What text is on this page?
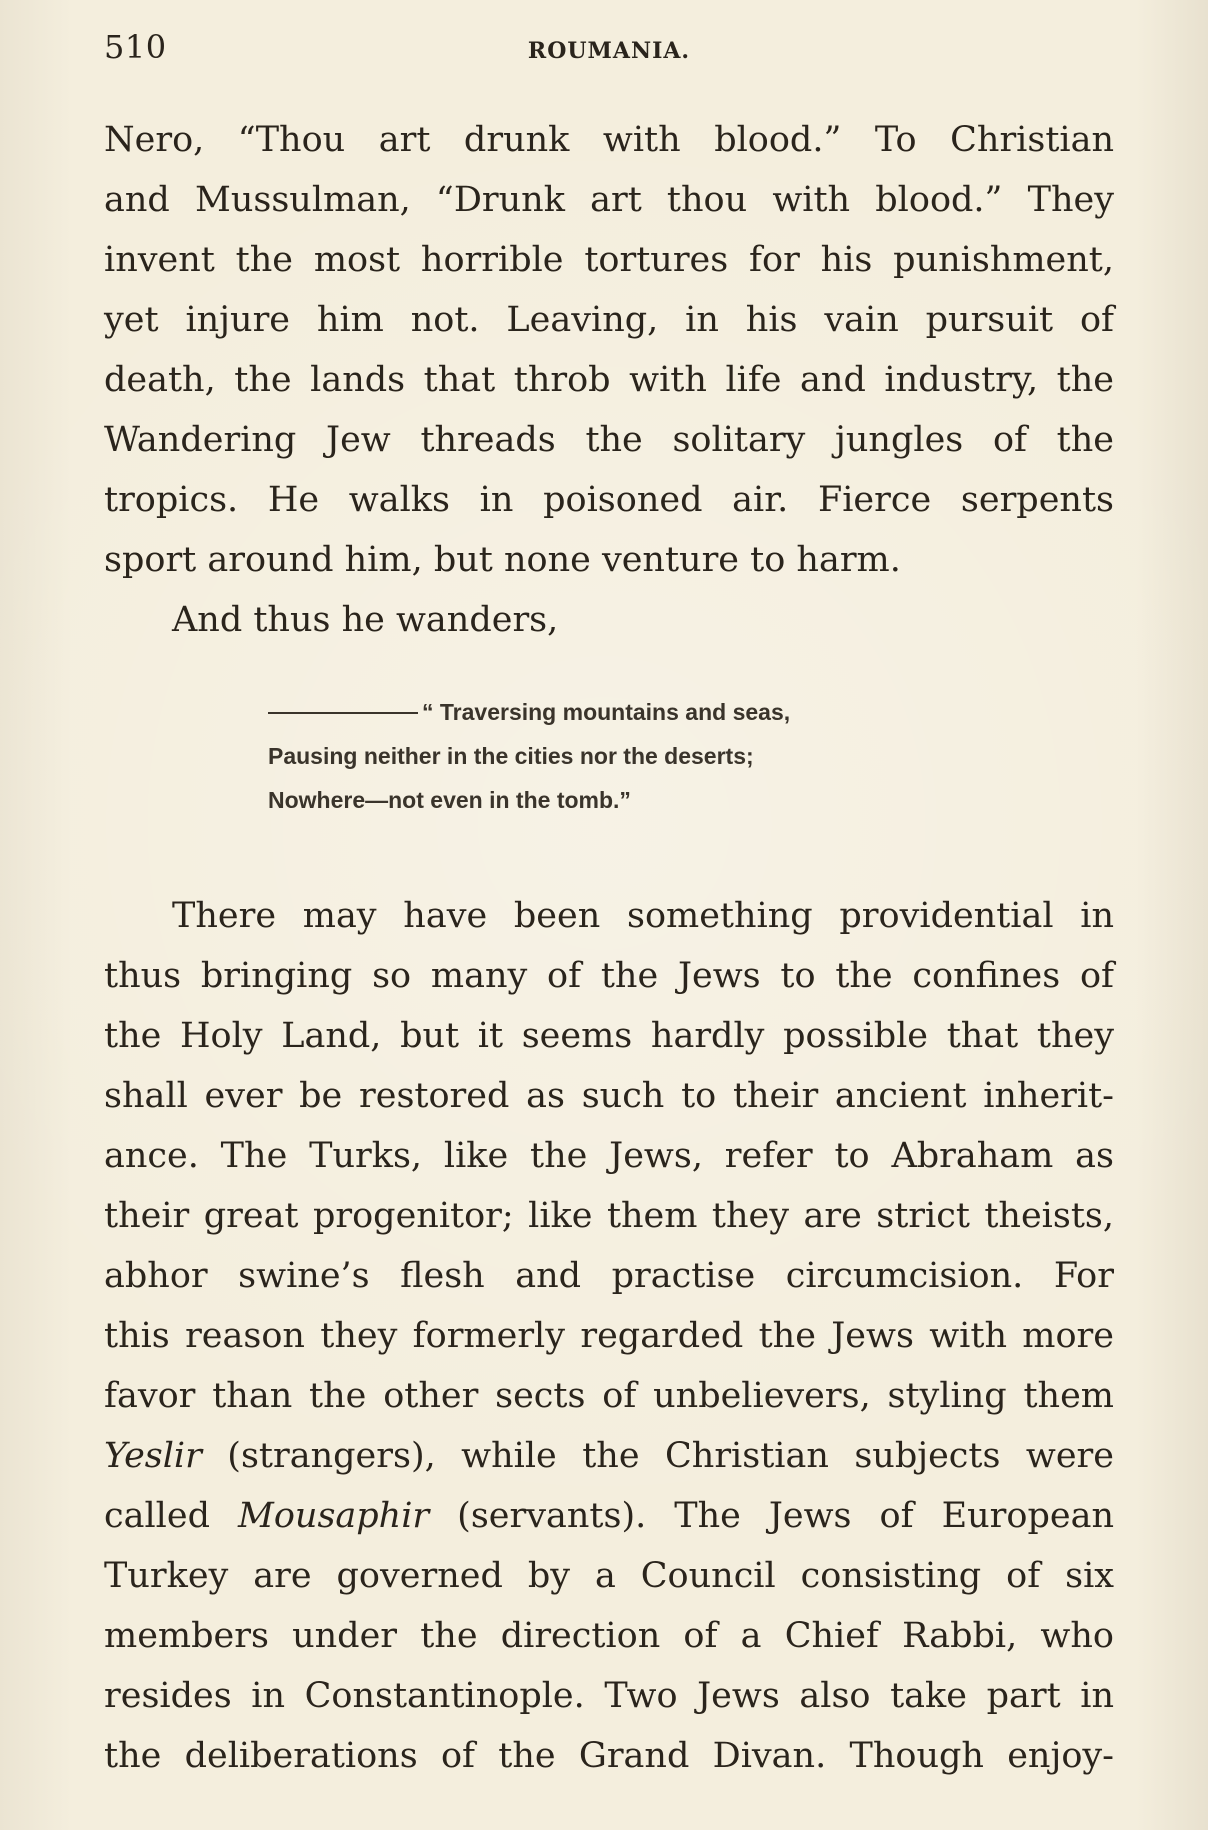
510	ROUMANIA.
Nero, “Thou art drunk with blood.” To Christian
and Mussulman, “Drunk art thou with blood.” They
invent the most horrible tortures for his punishment,
yet injure him not. Leaving, in his vain pursuit of
death, the lands that throb with life and industry, the
Wandering Jew threads the solitary jungles of the
tropics. He walks in poisoned air. Fierce serpents
sport around him, but none venture to harm.
And thus he wanders,
“ Traversing mountains and seas,
Pausing neither in the cities nor the deserts;
Nowhere—not even in the tomb.”
There may have been something providential in
thus bringing so many of the Jews to the confines of
the Holy Land, but it seems hardly possible that they
shall ever be restored as such to their ancient inherit-
ance. The Turks, like the Jews, refer to Abraham as
their great progenitor; like them they are strict theists,
abhor swine’s flesh and practise circumcision. For
this reason they formerly regarded the Jews with more
favor than the other sects of unbelievers, styling them
Yeslir (strangers), while the Christian subjects were
called Mousaphir (servants). The Jews of European
Turkey are governed by a Council consisting of six
members under the direction of a Chief Rabbi, who
resides in Constantinople. Two Jews also take part in
the deliberations of the Grand Divan. Though enjoy-
